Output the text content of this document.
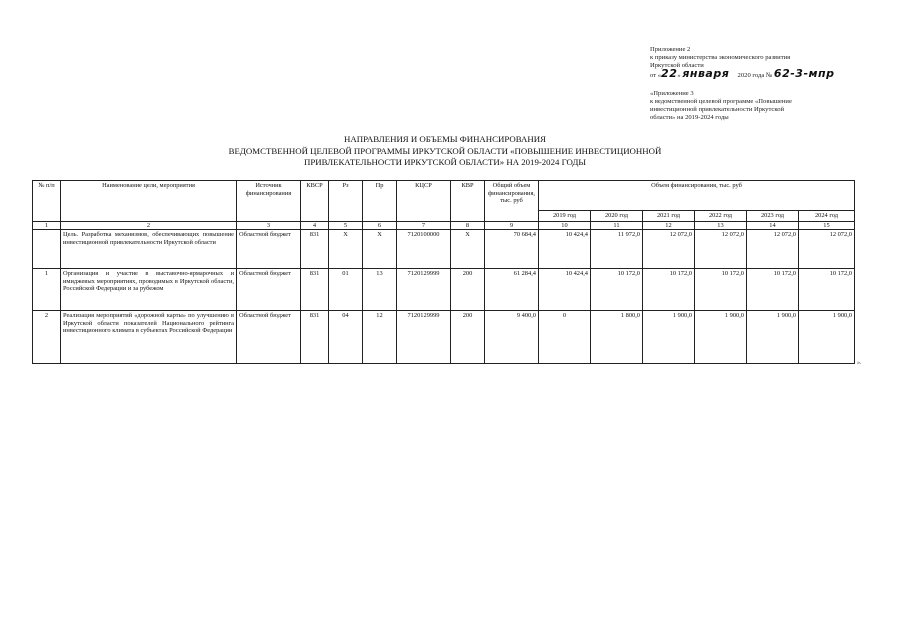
Приложение 2
к приказу министерства экономического развития
Иркутской области
от «22» января 2020 года № 62-3-мпр
«Приложение 3
к ведомственной целевой программе «Повышение
инвестиционной привлекательности Иркутской
области» на 2019-2024 годы
НАПРАВЛЕНИЯ И ОБЪЕМЫ ФИНАНСИРОВАНИЯ
ВЕДОМСТВЕННОЙ ЦЕЛЕВОЙ ПРОГРАММЫ ИРКУТСКОЙ ОБЛАСТИ «ПОВЫШЕНИЕ ИНВЕСТИЦИОННОЙ
ПРИВЛЕКАТЕЛЬНОСТИ ИРКУТСКОЙ ОБЛАСТИ» НА 2019-2024 ГОДЫ
№ п/п	Наименование цели, мероприятия	Источник финансирования	КВСР	Рз	Пр	КЦСР	КВР	Общий объем финансирования, тыс. руб	Объем финансирования, тыс. руб					
									2019 год	2020 год	2021 год	2022 год	2023 год	2024 год
1	2	3	4	5	6	7	8	9	10	11	12	13	14	15
	Цель. Разработка механизмов, обеспечивающих повышение инвестиционной привлекательности Иркутской области	Областной бюджет	831	X	X	7120100000	X	70 684,4	10 424,4	11 972,0	12 072,0	12 072,0	12 072,0	12 072,0
1	Организация и участие в выставочно-ярмарочных и имиджевых мероприятиях, проводимых в Иркутской области, Российской Федерации и за рубежом	Областной бюджет	831	01	13	7120129999	200	61 284,4	10 424,4	10 172,0	10 172,0	10 172,0	10 172,0	10 172,0
2	Реализация мероприятий «дорожной карты» по улучшению в Иркутской области показателей Национального рейтинга инвестиционного климата в субъектах Российской Федерации	Областной бюджет	831	04	12	7120129999	200	9 400,0	0	1 800,0	1 900,0	1 900,0	1 900,0	1 900,0
».
